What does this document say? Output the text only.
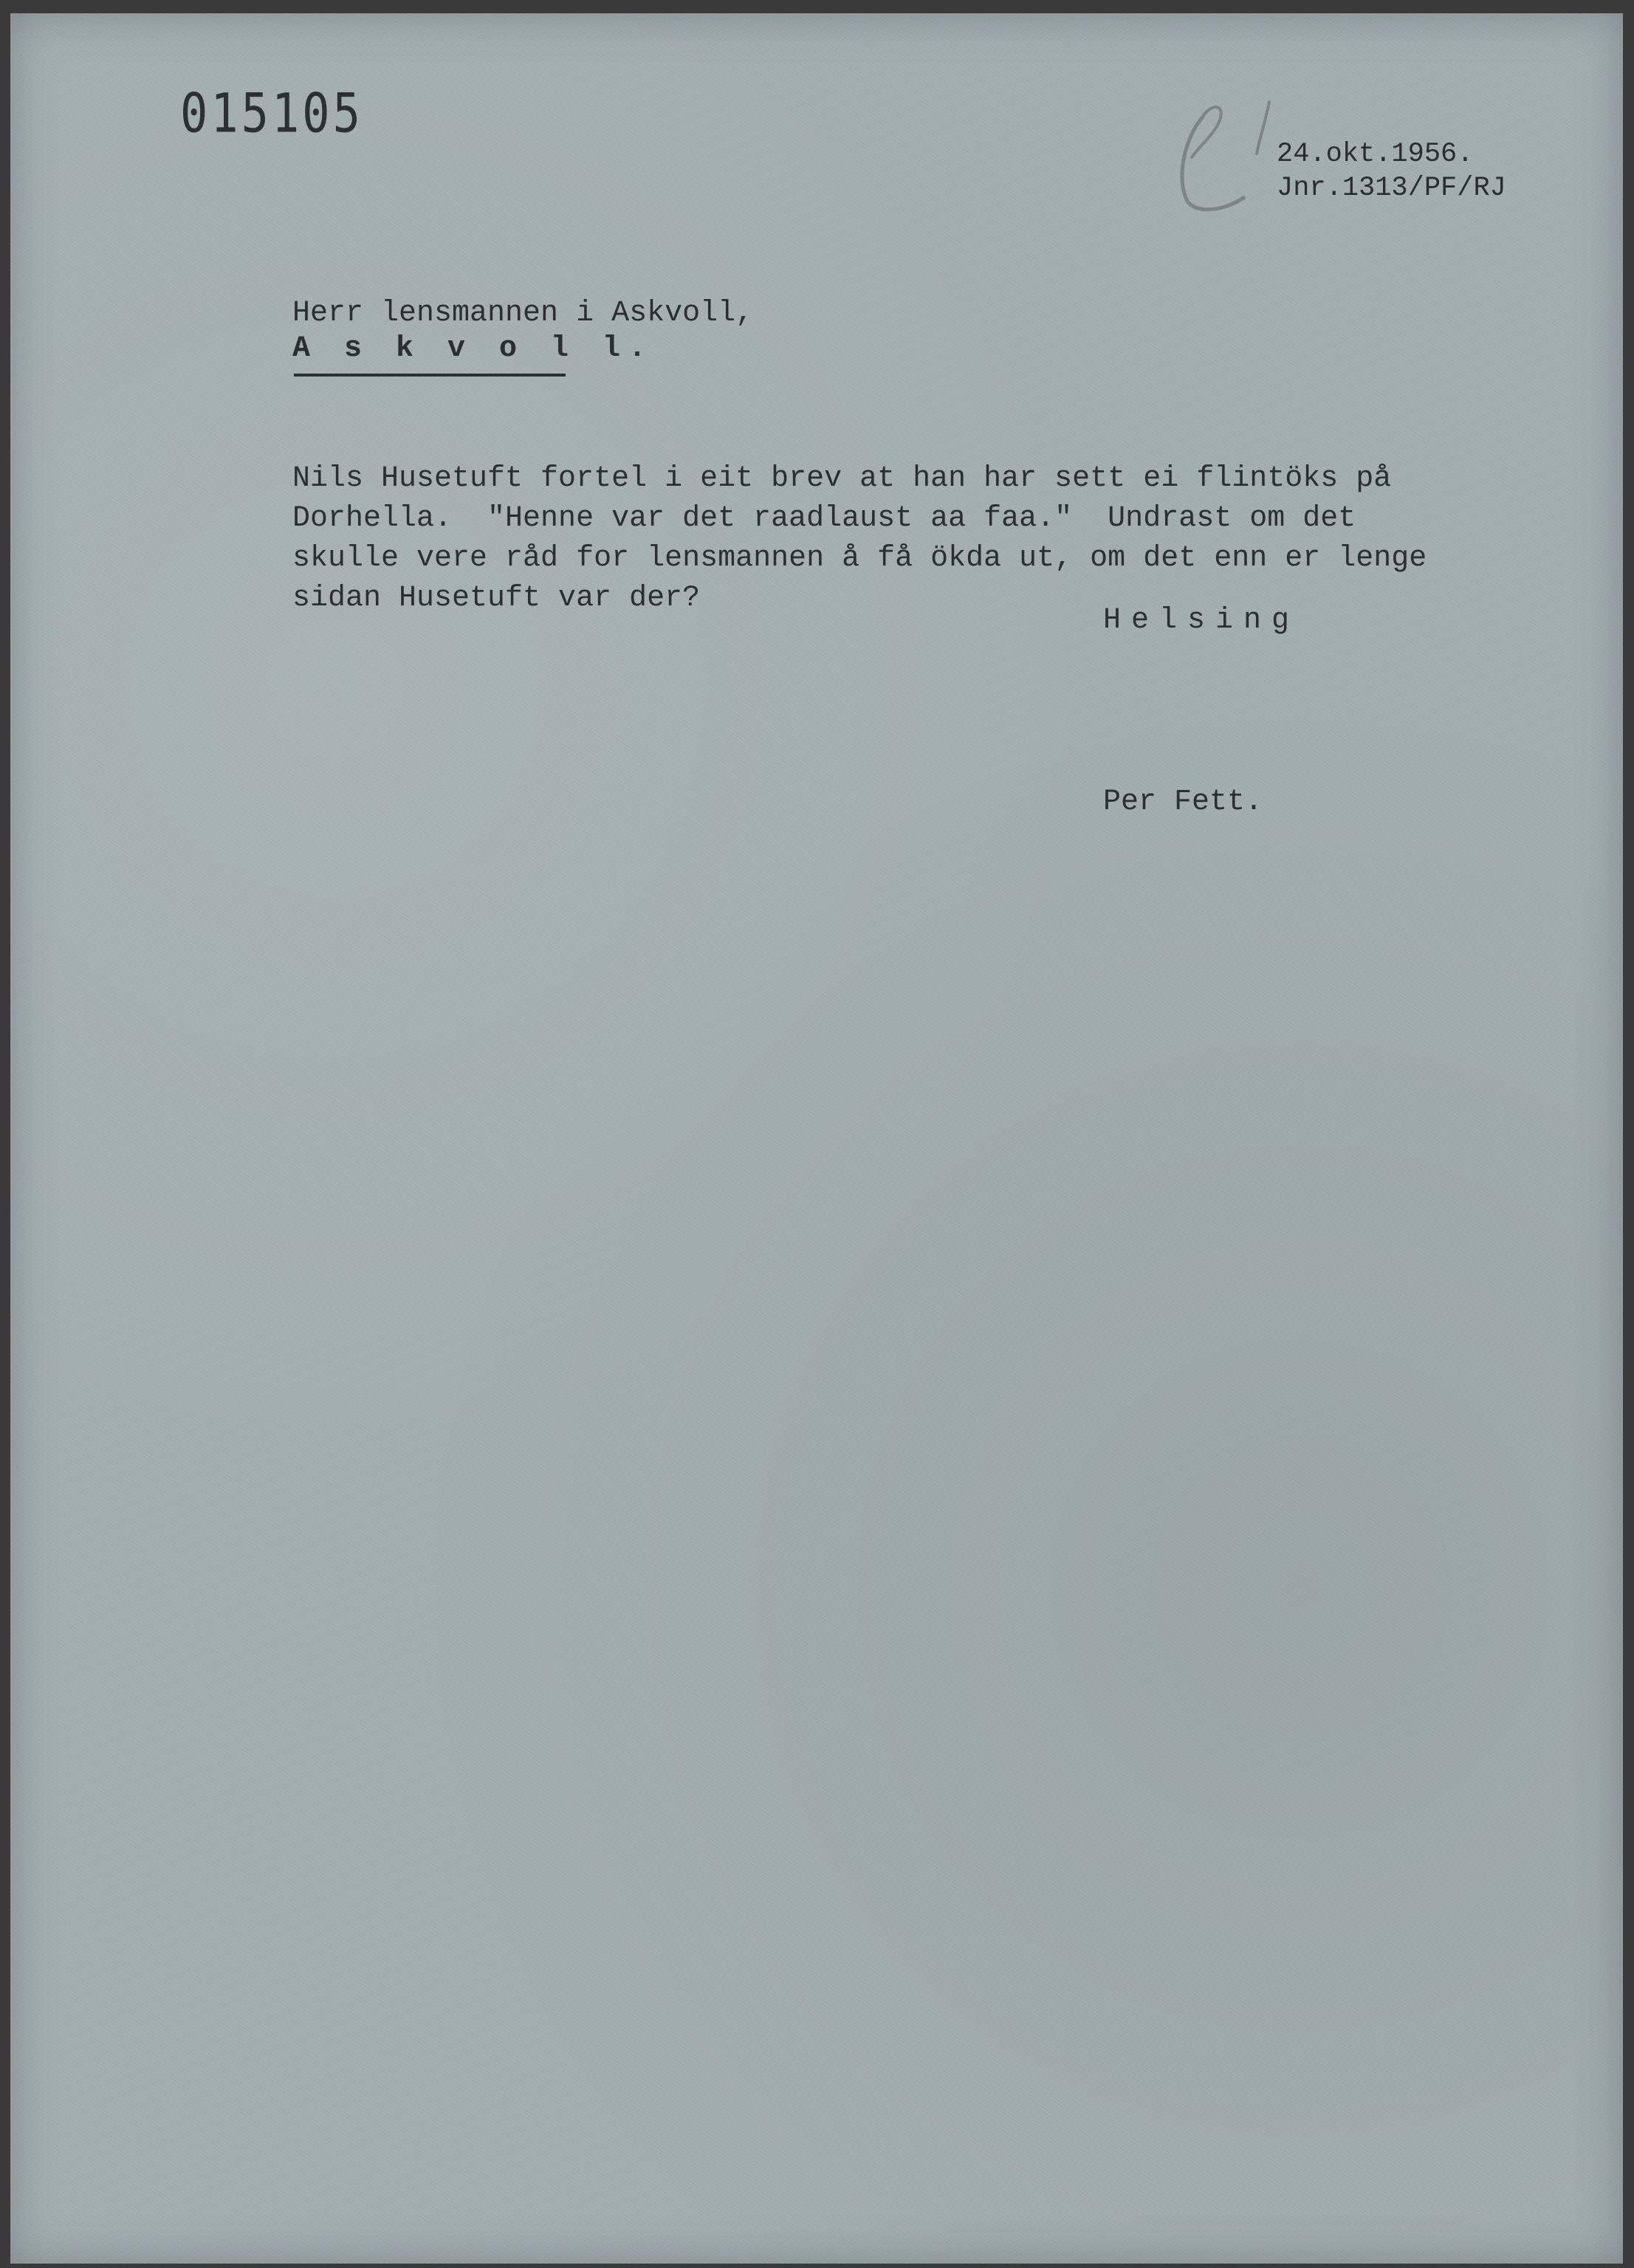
015105
24.okt.1956.
Jnr.1313/PF/RJ
Herr lensmannen i Askvoll,
A s k v o l l.
Nils Husetuft fortel i eit brev at han har sett ei flintöks på
Dorhella.  "Henne var det raadlaust aa faa."  Undrast om det
skulle vere råd for lensmannen å få ökda ut, om det enn er lenge
sidan Husetuft var der?
Helsing
Per Fett.
